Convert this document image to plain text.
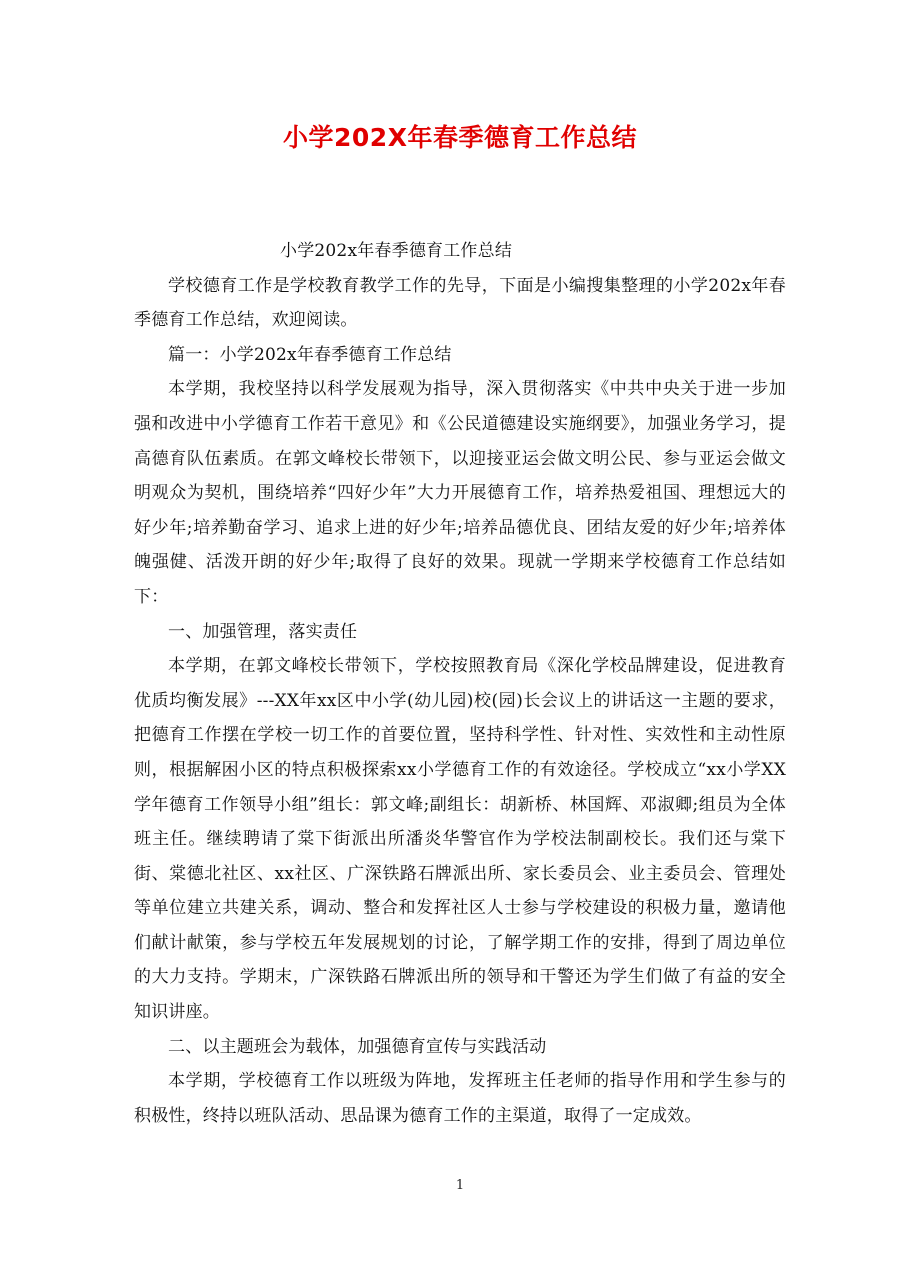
小学202X年春季德育工作总结

小学202x年春季德育工作总结

学校德育工作是学校教育教学工作的先导，下面是小编搜集整理的小学202x年春季德育工作总结，欢迎阅读。

篇一：小学202x年春季德育工作总结

本学期，我校坚持以科学发展观为指导，深入贯彻落实《中共中央关于进一步加强和改进中小学德育工作若干意见》和《公民道德建设实施纲要》，加强业务学习，提高德育队伍素质。在郭文峰校长带领下，以迎接亚运会做文明公民、参与亚运会做文明观众为契机，围绕培养“四好少年”大力开展德育工作，培养热爱祖国、理想远大的好少年;培养勤奋学习、追求上进的好少年;培养品德优良、团结友爱的好少年;培养体魄强健、活泼开朗的好少年;取得了良好的效果。现就一学期来学校德育工作总结如下：

一、加强管理，落实责任

本学期，在郭文峰校长带领下，学校按照教育局《深化学校品牌建设，促进教育优质均衡发展》---XX年xx区中小学(幼儿园)校(园)长会议上的讲话这一主题的要求，把德育工作摆在学校一切工作的首要位置，坚持科学性、针对性、实效性和主动性原则，根据解困小区的特点积极探索xx小学德育工作的有效途径。学校成立“xx小学XX学年德育工作领导小组”组长：郭文峰;副组长：胡新桥、林国辉、邓淑卿;组员为全体班主任。继续聘请了棠下街派出所潘炎华警官作为学校法制副校长。我们还与棠下街、棠德北社区、xx社区、广深铁路石牌派出所、家长委员会、业主委员会、管理处等单位建立共建关系，调动、整合和发挥社区人士参与学校建设的积极力量，邀请他们献计献策，参与学校五年发展规划的讨论，了解学期工作的安排，得到了周边单位的大力支持。学期末，广深铁路石牌派出所的领导和干警还为学生们做了有益的安全知识讲座。

二、以主题班会为载体，加强德育宣传与实践活动

本学期，学校德育工作以班级为阵地，发挥班主任老师的指导作用和学生参与的积极性，终持以班队活动、思品课为德育工作的主渠道，取得了一定成效。

1
